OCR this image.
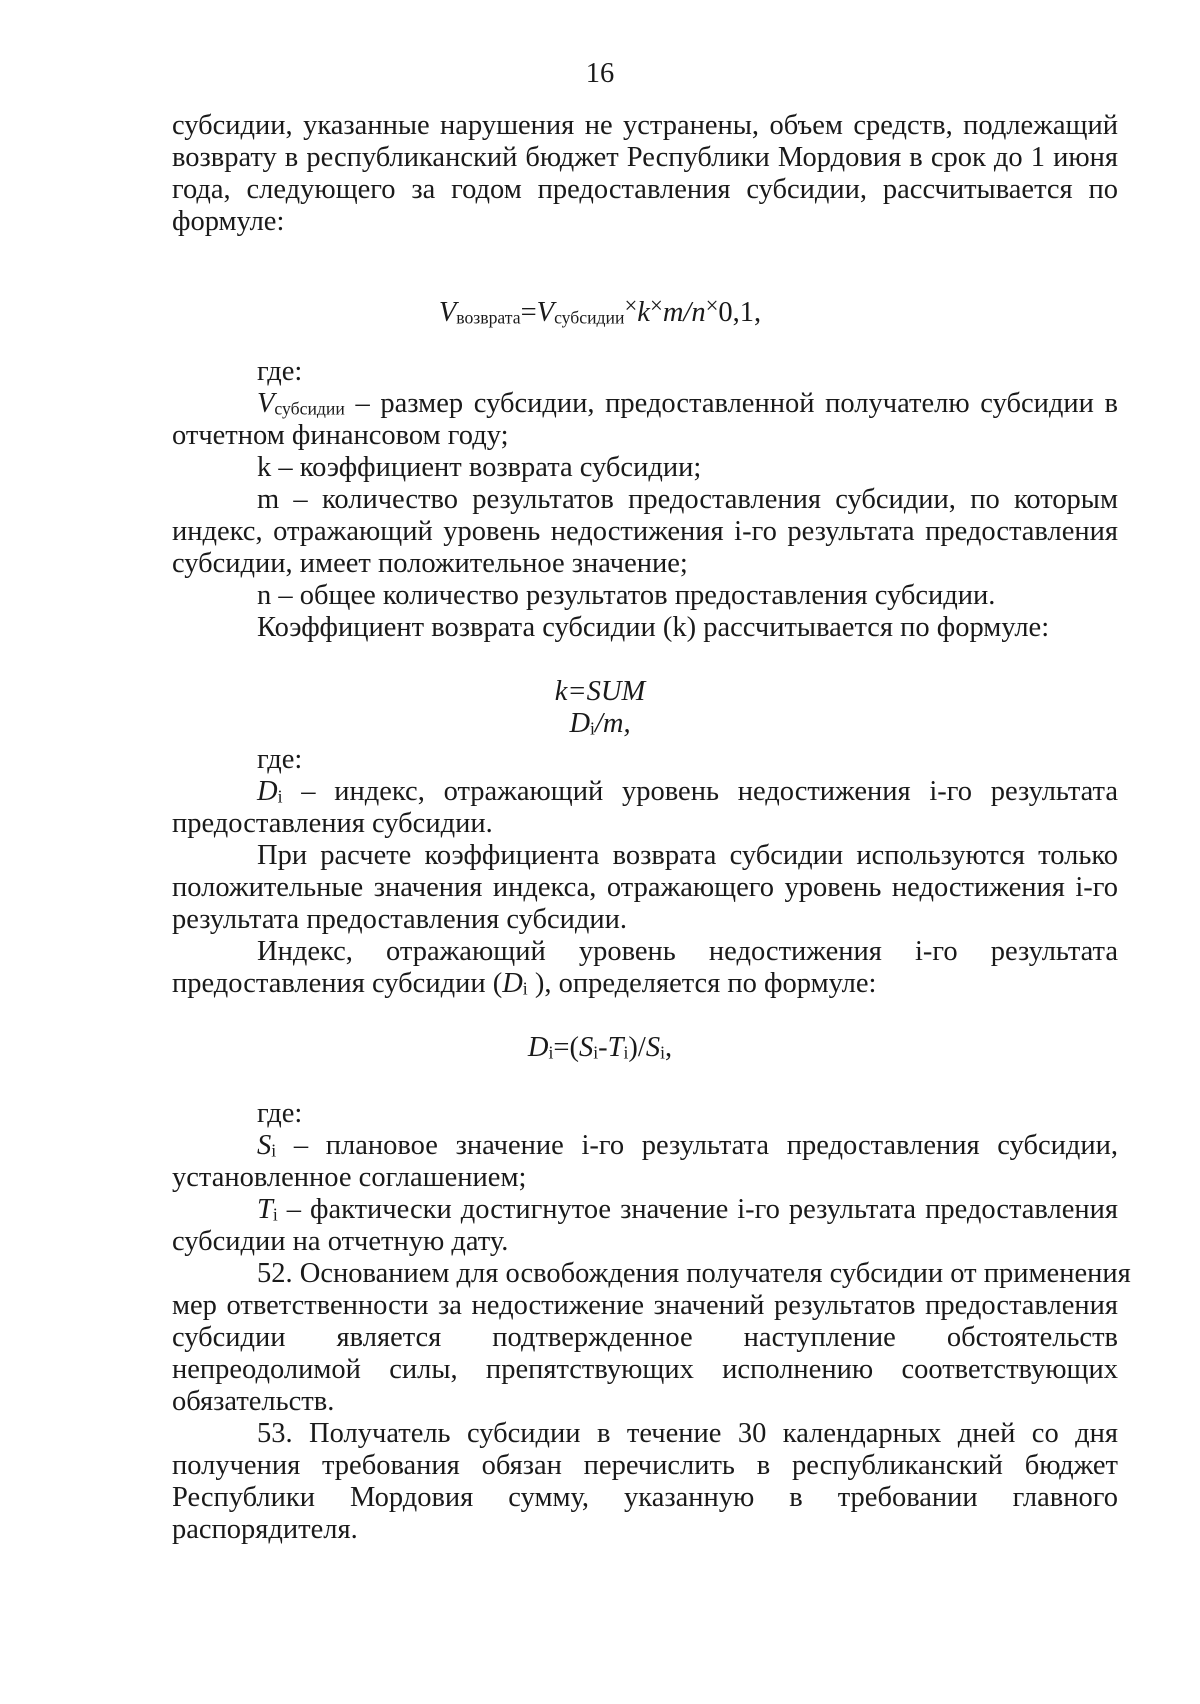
16
субсидии, указанные нарушения не устранены, объем средств, подлежащий
возврату в республиканский бюджет Республики Мордовия в срок до 1 июня
года, следующего за годом предоставления субсидии, рассчитывается по
формуле:
$V_{возврата}=V_{субсидии}^\times k^\times m/n^\times 0,1$,
где:
$V_{субсидии}$ – размер субсидии, предоставленной получателю субсидии в
отчетном финансовом году;
k – коэффициент возврата субсидии;
m – количество результатов предоставления субсидии, по которым
индекс, отражающий уровень недостижения i-го результата предоставления
субсидии, имеет положительное значение;
n – общее количество результатов предоставления субсидии.
Коэффициент возврата субсидии (k) рассчитывается по формуле:
k=SUM
$D_i/m$,
где:
$D_i$ – индекс, отражающий уровень недостижения i-го результата
предоставления субсидии.
При расчете коэффициента возврата субсидии используются только
положительные значения индекса, отражающего уровень недостижения i-го
результата предоставления субсидии.
Индекс, отражающий уровень недостижения i-го результата
предоставления субсидии ($D_i$ ), определяется по формуле:
$D_i=(S_i-T_i)/S_i$,
где:
$S_i$ – плановое значение i-го результата предоставления субсидии,
установленное соглашением;
$T_i$ – фактически достигнутое значение i-го результата предоставления
субсидии на отчетную дату.
52. Основанием для освобождения получателя субсидии от применения
мер ответственности за недостижение значений результатов предоставления
субсидии является подтвержденное наступление обстоятельств
непреодолимой силы, препятствующих исполнению соответствующих
обязательств.
53. Получатель субсидии в течение 30 календарных дней со дня
получения требования обязан перечислить в республиканский бюджет
Республики Мордовия сумму, указанную в требовании главного
распорядителя.
